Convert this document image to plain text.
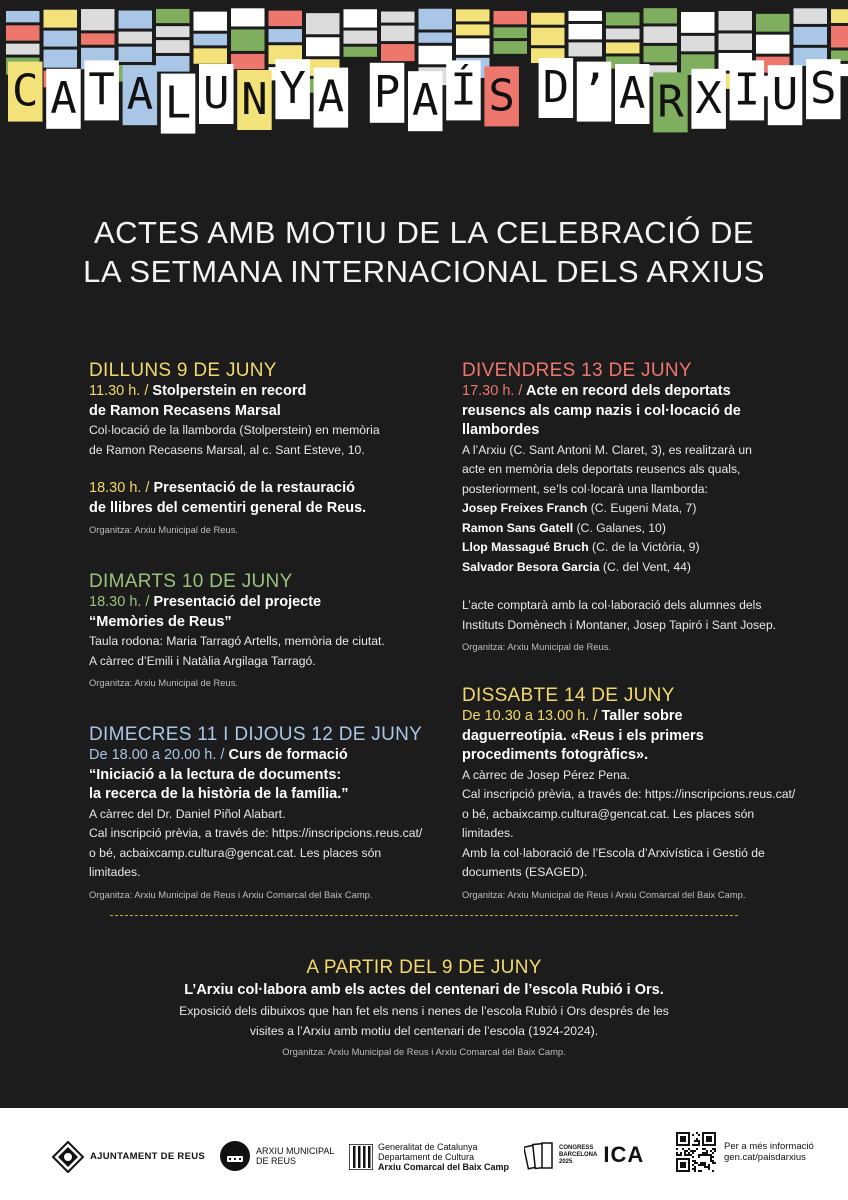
C A T A L U N Y A P A Í S D ’ A R X I U S
ACTES AMB MOTIU DE LA CELEBRACIÓ DE
LA SETMANA INTERNACIONAL DELS ARXIUS
DILLUNS 9 DE JUNY
11.30 h. / Stolperstein en record
de Ramon Recasens Marsal
Col·locació de la llamborda (Stolperstein) en memòria
de Ramon Recasens Marsal, al c. Sant Esteve, 10.
18.30 h. / Presentació de la restauració
de llibres del cementiri general de Reus.
Organitza: Arxiu Municipal de Reus.
DIMARTS 10 DE JUNY
18.30 h. / Presentació del projecte
“Memòries de Reus”
Taula rodona: Maria Tarragó Artells, memòria de ciutat.
A càrrec d’Emili i Natàlia Argilaga Tarragó.
Organitza: Arxiu Municipal de Reus.
DIMECRES 11 I DIJOUS 12 DE JUNY
De 18.00 a 20.00 h. / Curs de formació
“Iniciació a la lectura de documents:
la recerca de la història de la família.”
A càrrec del Dr. Daniel Piñol Alabart.
Cal inscripció prèvia, a través de: https://inscripcions.reus.cat/
o bé, acbaixcamp.cultura@gencat.cat. Les places són limitades.
Organitza: Arxiu Municipal de Reus i Arxiu Comarcal del Baix Camp.
DIVENDRES 13 DE JUNY
17.30 h. / Acte en record dels deportats
reusencs als camp nazis i col·locació de
llambordes
A l’Arxiu (C. Sant Antoni M. Claret, 3), es realitzarà un
acte en memòria dels deportats reusencs als quals,
posteriorment, se’ls col·locarà una llamborda:
Josep Freixes Franch (C. Eugeni Mata, 7)
Ramon Sans Gatell (C. Galanes, 10)
Llop Massagué Bruch (C. de la Victòria, 9)
Salvador Besora Garcia (C. del Vent, 44)
L’acte comptarà amb la col·laboració dels alumnes dels
Instituts Domènech i Montaner, Josep Tapiró i Sant Josep.
Organitza: Arxiu Municipal de Reus.
DISSABTE 14 DE JUNY
De 10.30 a 13.00 h. / Taller sobre
daguerreotípia. «Reus i els primers
procediments fotogràfics».
A càrrec de Josep Pérez Pena.
Cal inscripció prèvia, a través de: https://inscripcions.reus.cat/
o bé, acbaixcamp.cultura@gencat.cat. Les places són limitades.
Amb la col·laboració de l’Escola d’Arxivística i Gestió de
documents (ESAGED).
Organitza: Arxiu Municipal de Reus i Arxiu Comarcal del Baix Camp.
A PARTIR DEL 9 DE JUNY
L’Arxiu col·labora amb els actes del centenari de l’escola Rubió i Ors.
Exposició dels dibuixos que han fet els nens i nenes de l’escola Rubió i Ors després de les
visites a l’Arxiu amb motiu del centenari de l’escola (1924-2024).
Organitza: Arxiu Municipal de Reus i Arxiu Comarcal del Baix Camp.
AJUNTAMENT DE REUS	ARXIU MUNICIPAL
DE REUS
Generalitat de Catalunya
Departament de Cultura
Arxiu Comarcal del Baix Camp
CONGRESS
BARCELONA
2025	ICA	Per a més informació
gen.cat/paisdarxius
